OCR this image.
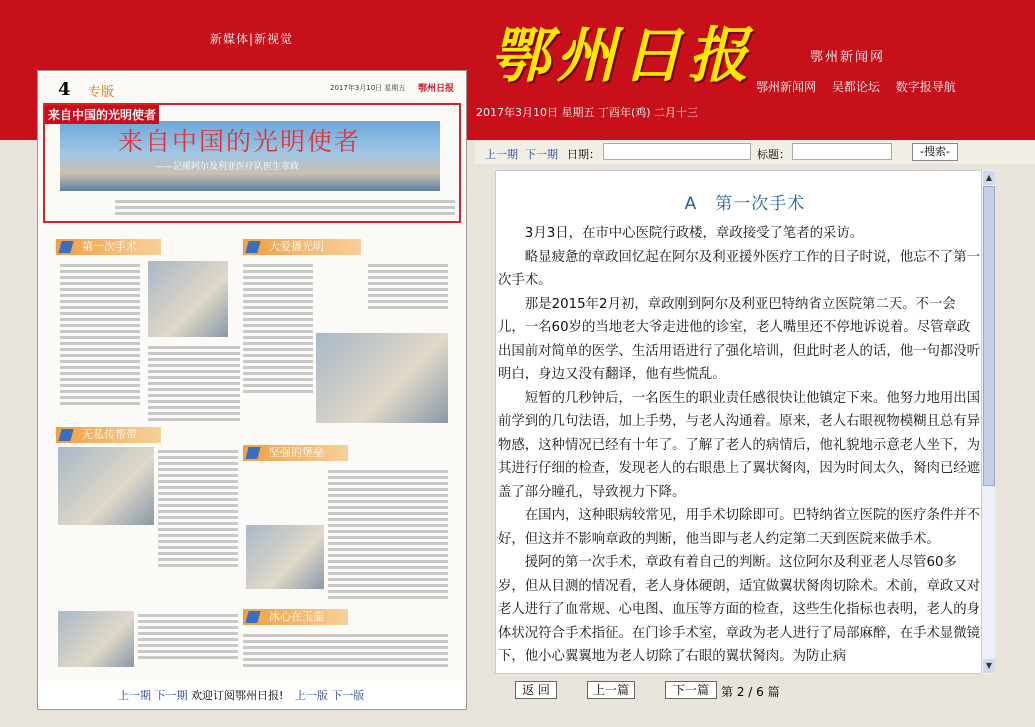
新媒体|新视觉	鄂州日报	鄂州新闻网
鄂州新闻网 吴都论坛 数字报导航
2017年3月10日 星期五 丁酉年(鸡) 二月十三
4 专版	2017年3月10日 星期五 鄂州日报
来自中国的光明使者
——记援阿尔及利亚医疗队医生章政
来自中国的光明使者
第一次手术	大爱播光明
无私传帮带
坚强的堡垒
冰心在玉壶
上一期 下一期 欢迎订阅鄂州日报! 上一版 下一版
上一期 下一期 日期：	标题：	-搜索-
A　第一次手术

3月3日，在市中心医院行政楼，章政接受了笔者的采访。

略显疲惫的章政回忆起在阿尔及利亚援外医疗工作的日子时说，他忘不了第一次手术。

那是2015年2月初，章政刚到阿尔及利亚巴特纳省立医院第二天。不一会儿，一名60岁的当地老大爷走进他的诊室，老人嘴里还不停地诉说着。尽管章政出国前对简单的医学、生活用语进行了强化培训，但此时老人的话，他一句都没听明白，身边又没有翻译，他有些慌乱。

短暂的几秒钟后，一名医生的职业责任感很快让他镇定下来。他努力地用出国前学到的几句法语，加上手势，与老人沟通着。原来，老人右眼视物模糊且总有异物感，这种情况已经有十年了。了解了老人的病情后，他礼貌地示意老人坐下，为其进行仔细的检查，发现老人的右眼患上了翼状胬肉，因为时间太久，胬肉已经遮盖了部分瞳孔，导致视力下降。

在国内，这种眼病较常见，用手术切除即可。巴特纳省立医院的医疗条件并不好，但这并不影响章政的判断，他当即与老人约定第二天到医院来做手术。

援阿的第一次手术，章政有着自己的判断。这位阿尔及利亚老人尽管60多岁，但从目测的情况看，老人身体硬朗，适宜做翼状胬肉切除术。术前，章政又对老人进行了血常规、心电图、血压等方面的检查，这些生化指标也表明，老人的身体状况符合手术指征。在门诊手术室，章政为老人进行了局部麻醉，在手术显微镜下，他小心翼翼地为老人切除了右眼的翼状胬肉。为防止病

▲
▼
返 回	上一篇	下一篇	第 2 / 6 篇
